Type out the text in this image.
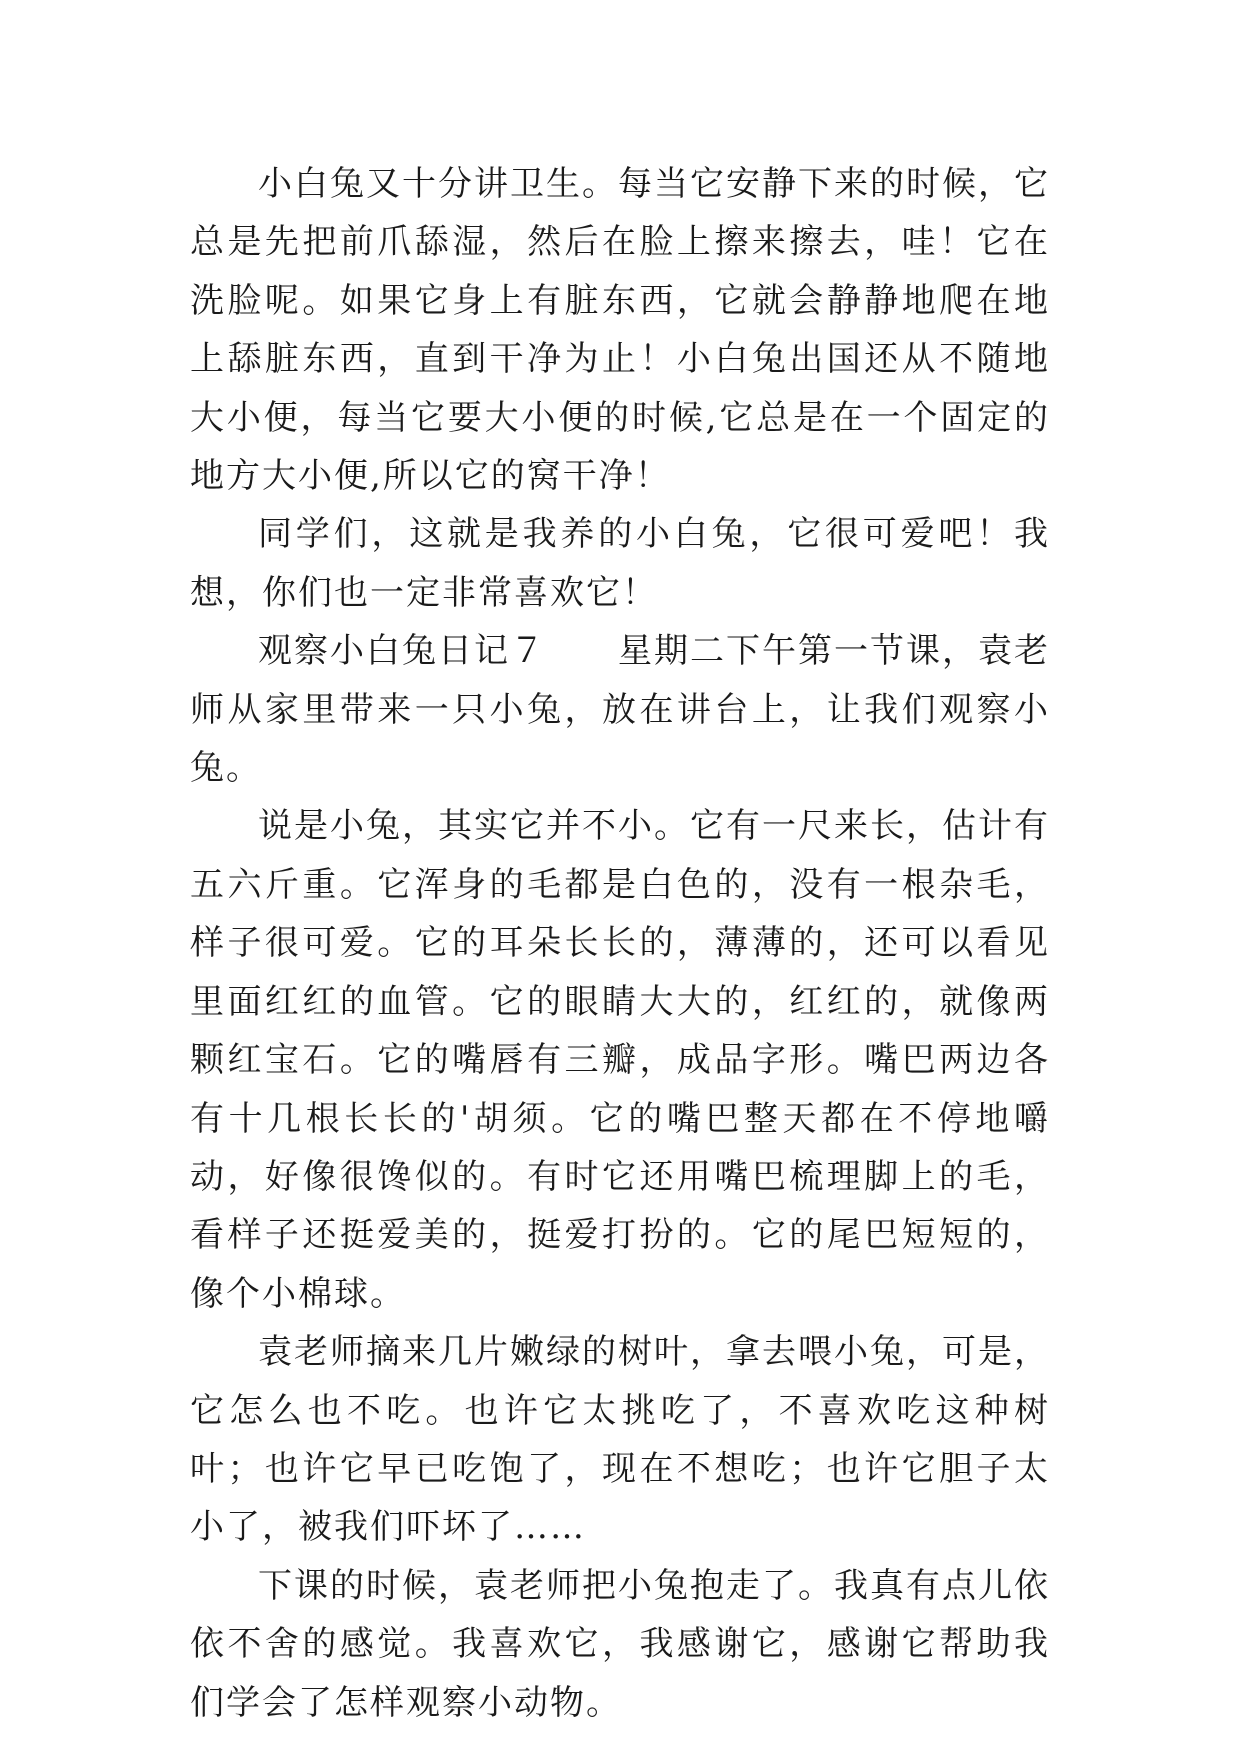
小白兔又十分讲卫生。每当它安静下来的时候，它总是先把前爪舔湿，然后在脸上擦来擦去，哇！它在洗脸呢。如果它身上有脏东西，它就会静静地爬在地上舔脏东西，直到干净为止！小白兔出国还从不随地大小便，每当它要大小便的时候,它总是在一个固定的地方大小便,所以它的窝干净！

同学们，这就是我养的小白兔，它很可爱吧！我想，你们也一定非常喜欢它！

观察小白兔日记７　　星期二下午第一节课，袁老师从家里带来一只小兔，放在讲台上，让我们观察小兔。

说是小兔，其实它并不小。它有一尺来长，估计有五六斤重。它浑身的毛都是白色的，没有一根杂毛，样子很可爱。它的耳朵长长的，薄薄的，还可以看见里面红红的血管。它的眼睛大大的，红红的，就像两颗红宝石。它的嘴唇有三瓣，成品字形。嘴巴两边各有十几根长长的'胡须。它的嘴巴整天都在不停地嚼动，好像很馋似的。有时它还用嘴巴梳理脚上的毛，看样子还挺爱美的，挺爱打扮的。它的尾巴短短的，像个小棉球。

袁老师摘来几片嫩绿的树叶，拿去喂小兔，可是，它怎么也不吃。也许它太挑吃了，不喜欢吃这种树叶；也许它早已吃饱了，现在不想吃；也许它胆子太小了，被我们吓坏了……

下课的时候，袁老师把小兔抱走了。我真有点儿依依不舍的感觉。我喜欢它，我感谢它，感谢它帮助我们学会了怎样观察小动物。
